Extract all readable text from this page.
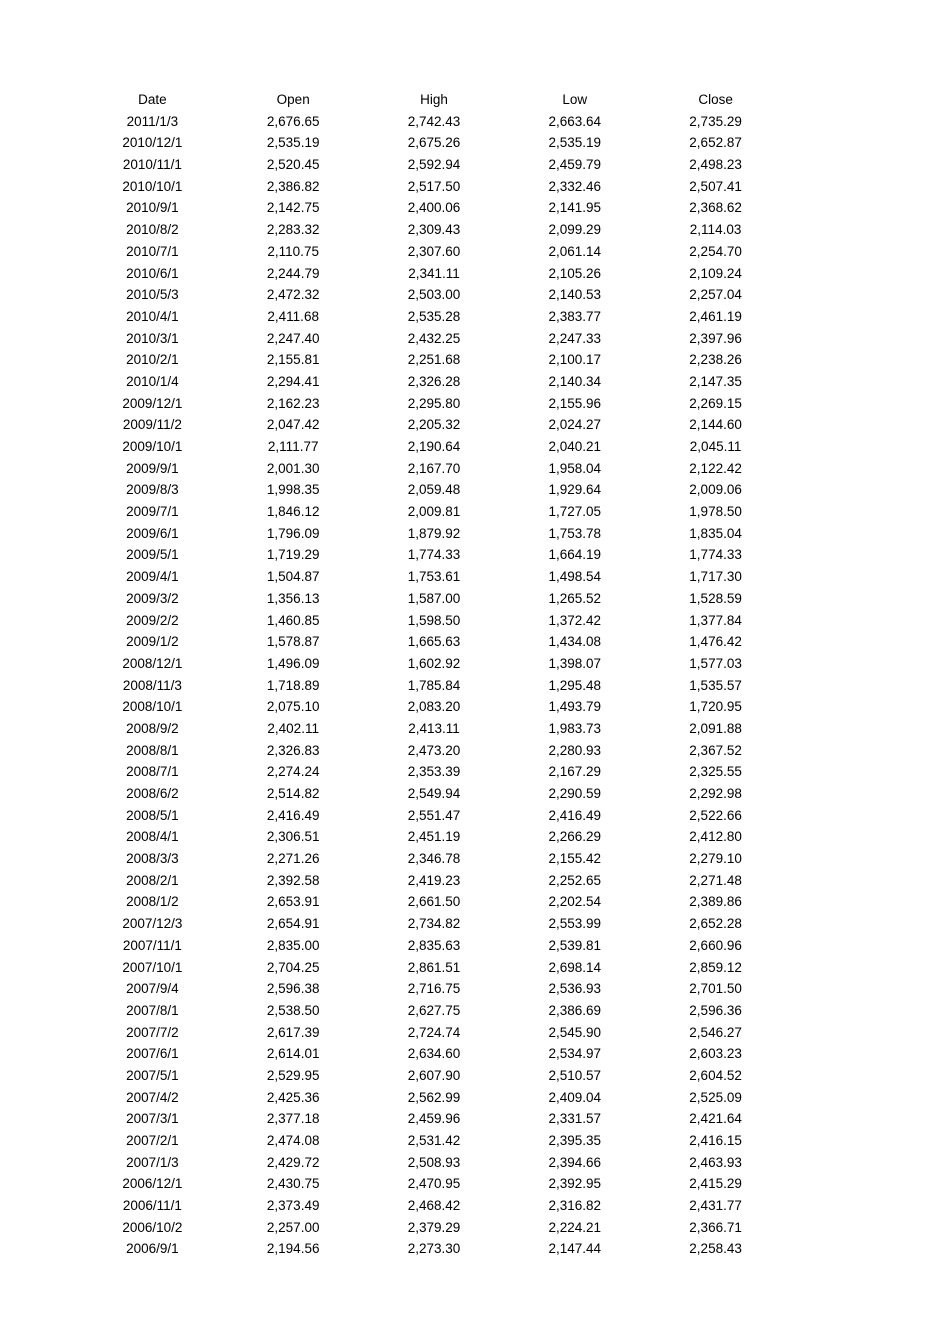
Date	Open	High	Low	Close
2011/1/3	2,676.65	2,742.43	2,663.64	2,735.29
2010/12/1	2,535.19	2,675.26	2,535.19	2,652.87
2010/11/1	2,520.45	2,592.94	2,459.79	2,498.23
2010/10/1	2,386.82	2,517.50	2,332.46	2,507.41
2010/9/1	2,142.75	2,400.06	2,141.95	2,368.62
2010/8/2	2,283.32	2,309.43	2,099.29	2,114.03
2010/7/1	2,110.75	2,307.60	2,061.14	2,254.70
2010/6/1	2,244.79	2,341.11	2,105.26	2,109.24
2010/5/3	2,472.32	2,503.00	2,140.53	2,257.04
2010/4/1	2,411.68	2,535.28	2,383.77	2,461.19
2010/3/1	2,247.40	2,432.25	2,247.33	2,397.96
2010/2/1	2,155.81	2,251.68	2,100.17	2,238.26
2010/1/4	2,294.41	2,326.28	2,140.34	2,147.35
2009/12/1	2,162.23	2,295.80	2,155.96	2,269.15
2009/11/2	2,047.42	2,205.32	2,024.27	2,144.60
2009/10/1	2,111.77	2,190.64	2,040.21	2,045.11
2009/9/1	2,001.30	2,167.70	1,958.04	2,122.42
2009/8/3	1,998.35	2,059.48	1,929.64	2,009.06
2009/7/1	1,846.12	2,009.81	1,727.05	1,978.50
2009/6/1	1,796.09	1,879.92	1,753.78	1,835.04
2009/5/1	1,719.29	1,774.33	1,664.19	1,774.33
2009/4/1	1,504.87	1,753.61	1,498.54	1,717.30
2009/3/2	1,356.13	1,587.00	1,265.52	1,528.59
2009/2/2	1,460.85	1,598.50	1,372.42	1,377.84
2009/1/2	1,578.87	1,665.63	1,434.08	1,476.42
2008/12/1	1,496.09	1,602.92	1,398.07	1,577.03
2008/11/3	1,718.89	1,785.84	1,295.48	1,535.57
2008/10/1	2,075.10	2,083.20	1,493.79	1,720.95
2008/9/2	2,402.11	2,413.11	1,983.73	2,091.88
2008/8/1	2,326.83	2,473.20	2,280.93	2,367.52
2008/7/1	2,274.24	2,353.39	2,167.29	2,325.55
2008/6/2	2,514.82	2,549.94	2,290.59	2,292.98
2008/5/1	2,416.49	2,551.47	2,416.49	2,522.66
2008/4/1	2,306.51	2,451.19	2,266.29	2,412.80
2008/3/3	2,271.26	2,346.78	2,155.42	2,279.10
2008/2/1	2,392.58	2,419.23	2,252.65	2,271.48
2008/1/2	2,653.91	2,661.50	2,202.54	2,389.86
2007/12/3	2,654.91	2,734.82	2,553.99	2,652.28
2007/11/1	2,835.00	2,835.63	2,539.81	2,660.96
2007/10/1	2,704.25	2,861.51	2,698.14	2,859.12
2007/9/4	2,596.38	2,716.75	2,536.93	2,701.50
2007/8/1	2,538.50	2,627.75	2,386.69	2,596.36
2007/7/2	2,617.39	2,724.74	2,545.90	2,546.27
2007/6/1	2,614.01	2,634.60	2,534.97	2,603.23
2007/5/1	2,529.95	2,607.90	2,510.57	2,604.52
2007/4/2	2,425.36	2,562.99	2,409.04	2,525.09
2007/3/1	2,377.18	2,459.96	2,331.57	2,421.64
2007/2/1	2,474.08	2,531.42	2,395.35	2,416.15
2007/1/3	2,429.72	2,508.93	2,394.66	2,463.93
2006/12/1	2,430.75	2,470.95	2,392.95	2,415.29
2006/11/1	2,373.49	2,468.42	2,316.82	2,431.77
2006/10/2	2,257.00	2,379.29	2,224.21	2,366.71
2006/9/1	2,194.56	2,273.30	2,147.44	2,258.43
